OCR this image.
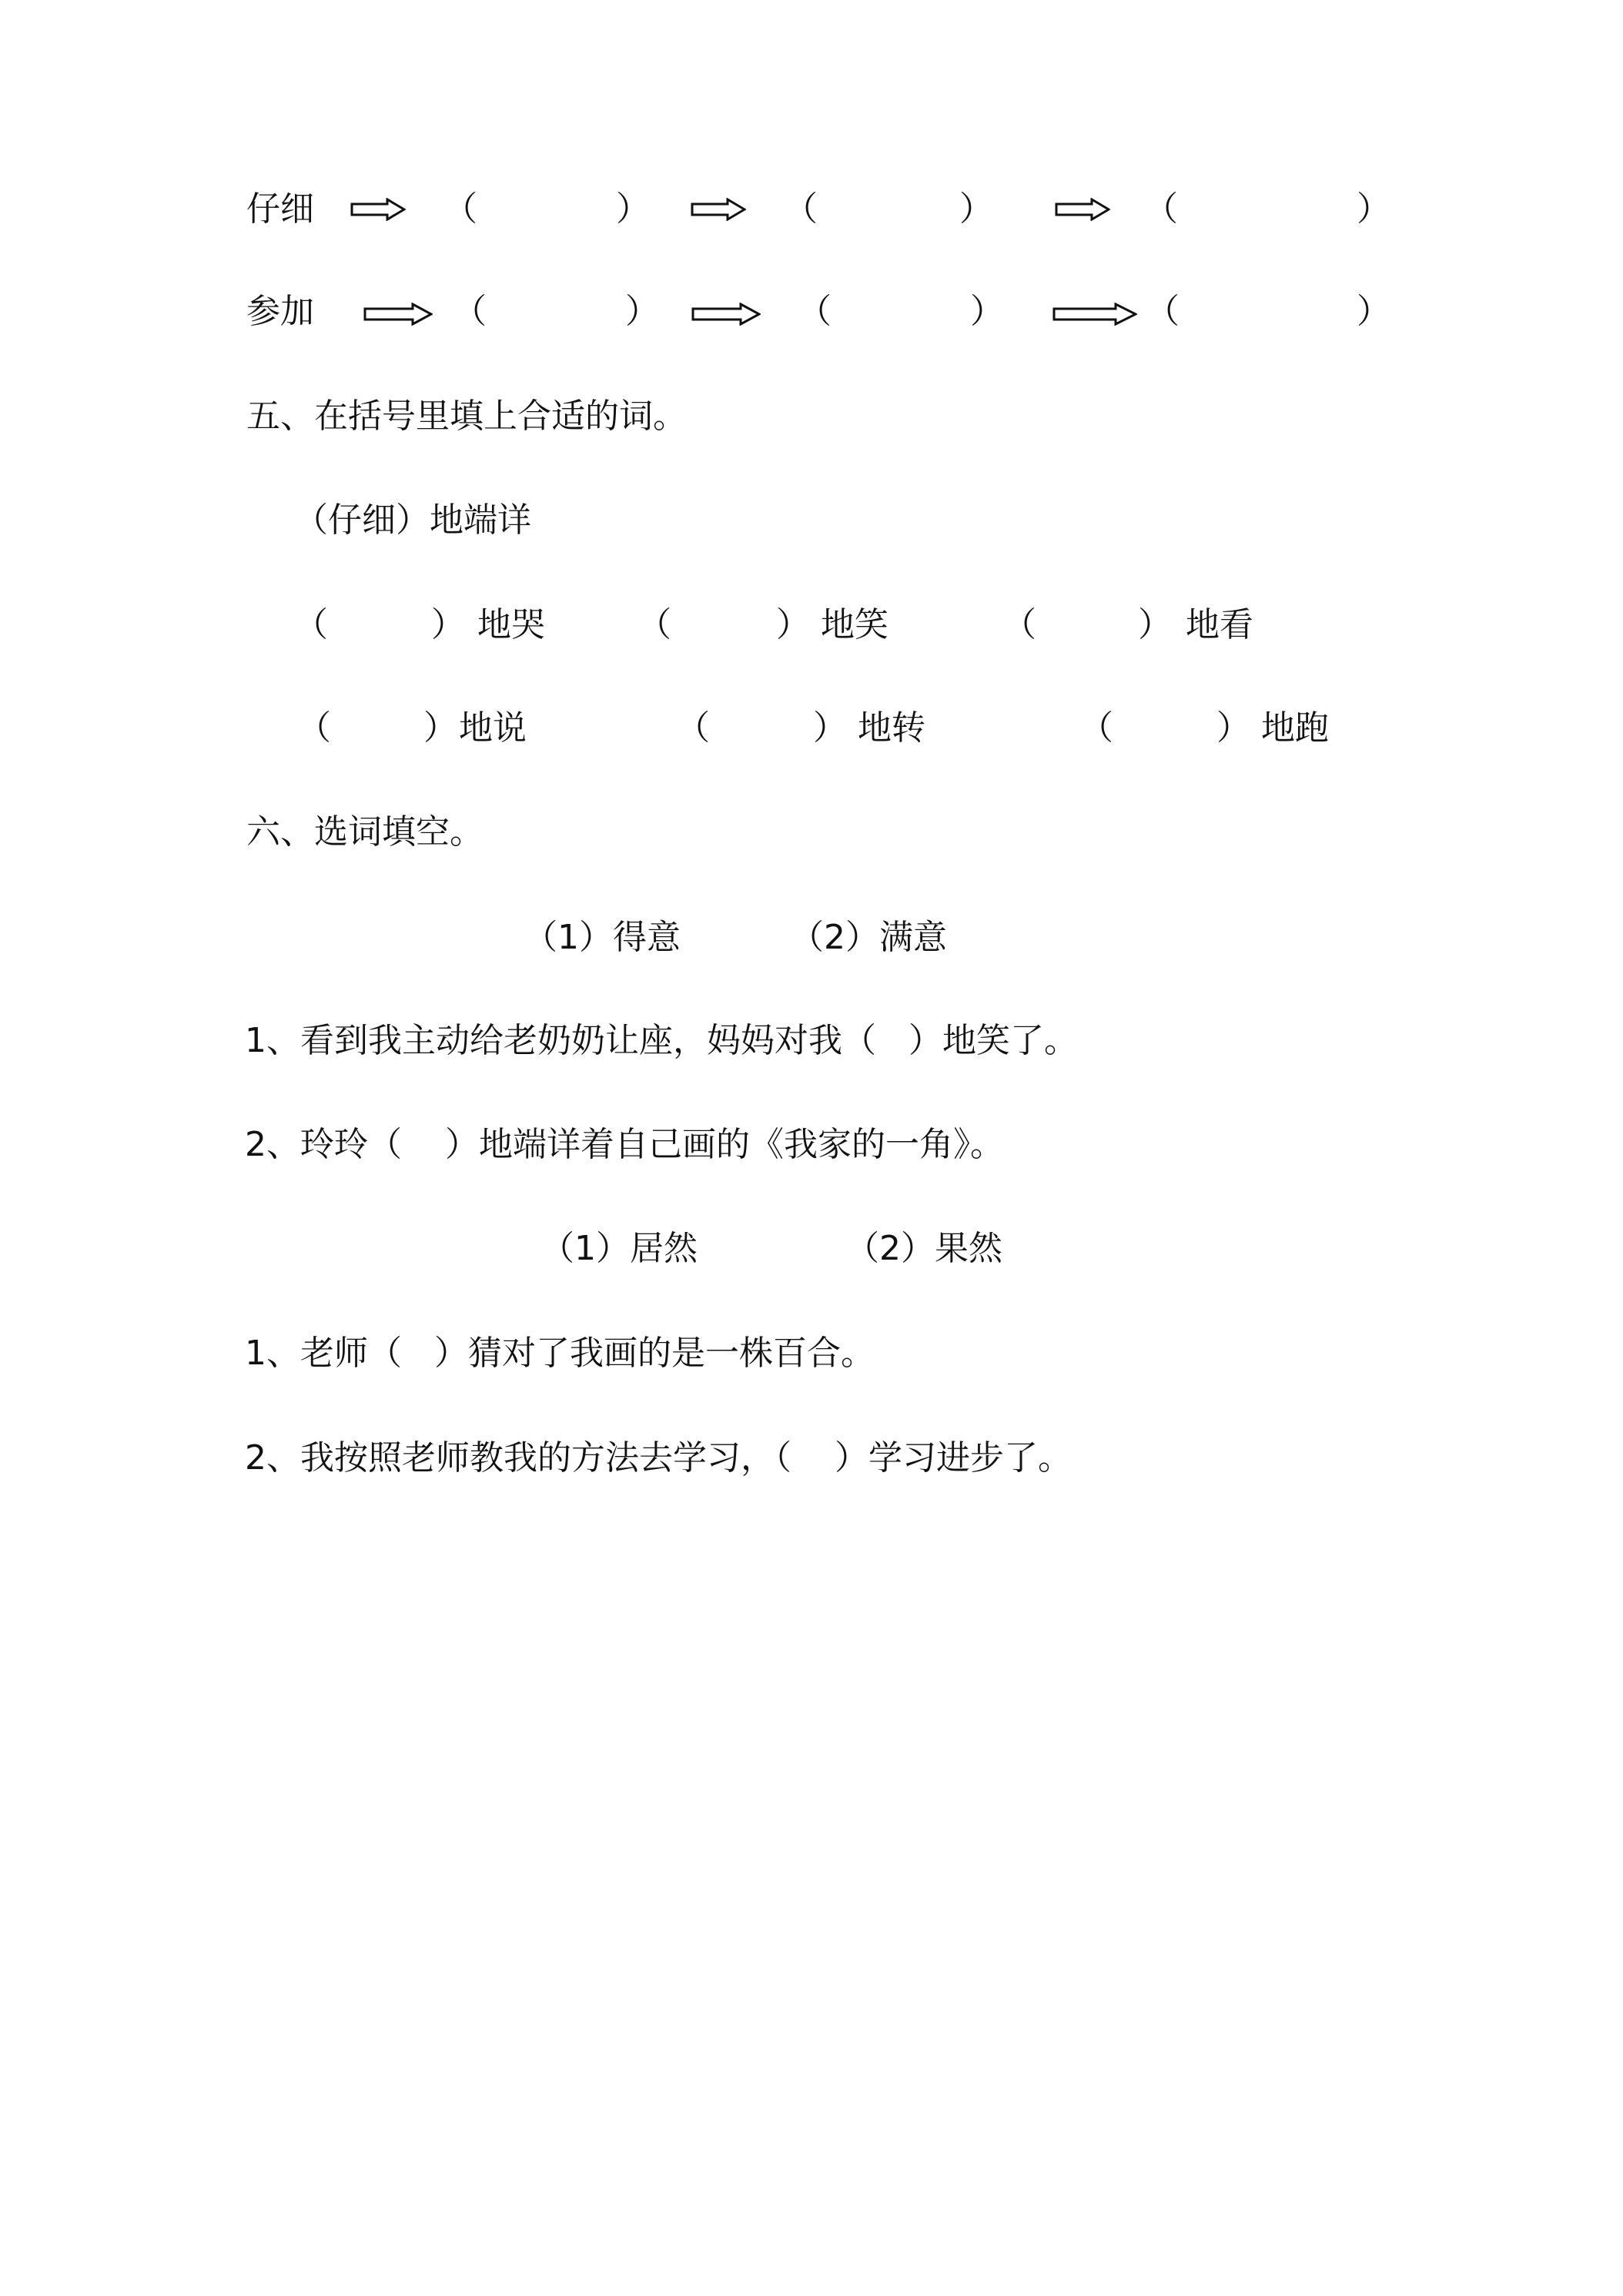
仔细	（	）	（	）	（	）
参加	（	）	（	）	（	）
五、在括号里填上合适的词。
（仔细）地端详
（	） 地哭	（	） 地笑	（	） 地看
（	） 地说	（	） 地转	（	） 地跑
六、选词填空。
（1）得意	（2）满意
1、看到我主动给老奶奶让座，妈妈对我（   ）地笑了。
2、玲玲（    ）地端详着自己画的《我家的一角》。
（1）居然	（2）果然
1、老师（   ）猜对了我画的是一株百合。
2、我按照老师教我的方法去学习，（    ）学习进步了。
